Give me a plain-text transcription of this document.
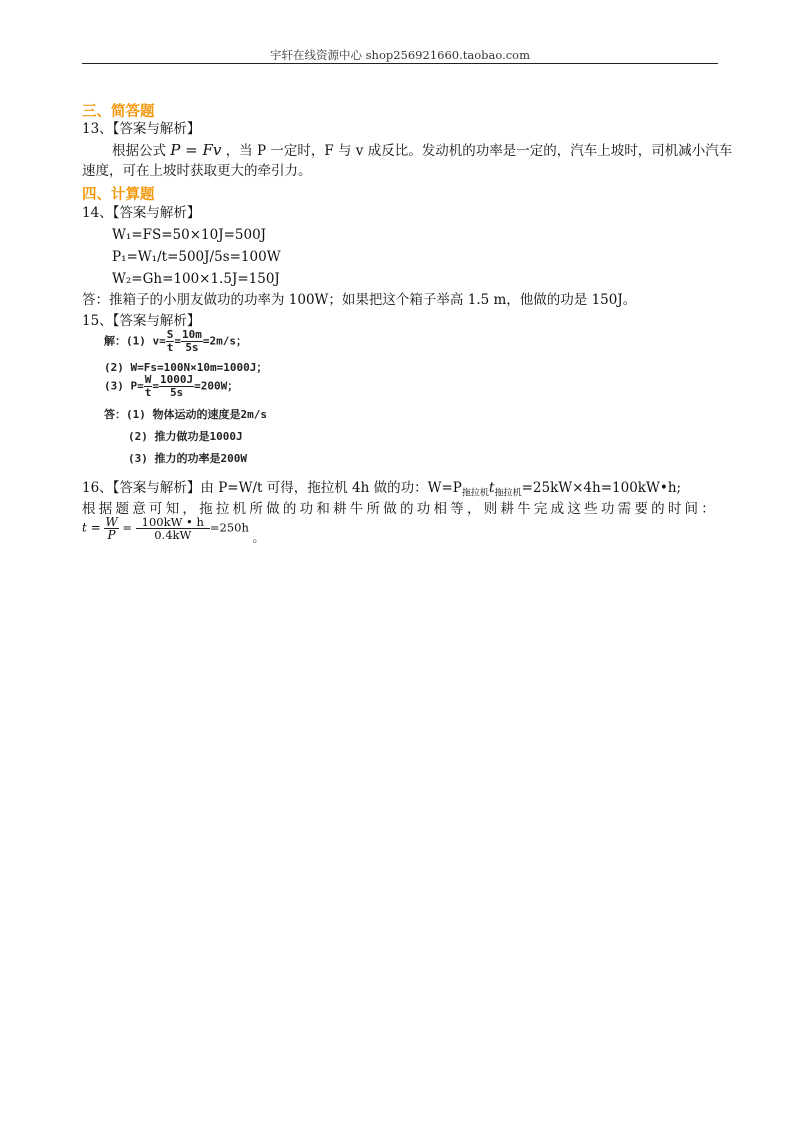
宇轩在线资源中心 shop256921660.taobao.com
三、简答题
13、【答案与解析】
根据公式 P = Fv ，当 P 一定时，F 与 v 成反比。发动机的功率是一定的，汽车上坡时，司机减小汽车
速度，可在上坡时获取更大的牵引力。
四、计算题
14、【答案与解析】
W₁=FS=50×10J=500J
P₁=W₁/t=500J/5s=100W
W₂=Gh=100×1.5J=150J
答：推箱子的小朋友做功的功率为 100W；如果把这个箱子举高 1.5 m，他做的功是 150J。
15、【答案与解析】
解：(1) $v= \frac{S}{t} = \frac{10m}{5s} =2m/s$；
(2) W=Fs=100N×10m=1000J；
(3) $P= \frac{W}{t} = \frac{1000J}{5s} =200W$；
答：(1) 物体运动的速度是2m/s
(2) 推力做功是1000J
(3) 推力的功率是200W
16、【答案与解析】由 P=W/t 可得，拖拉机 4h 做的功：$W=P_{拖拉机}t_{拖拉机}=25kW\times 4h=100kW•h$;
根据题意可知，拖拉机所做的功和耕牛所做的功相等，则耕牛完成这些功需要的时间：
$t = \frac{W}{P} = \frac{100kW • h}{0.4kW} =250h$ 。
